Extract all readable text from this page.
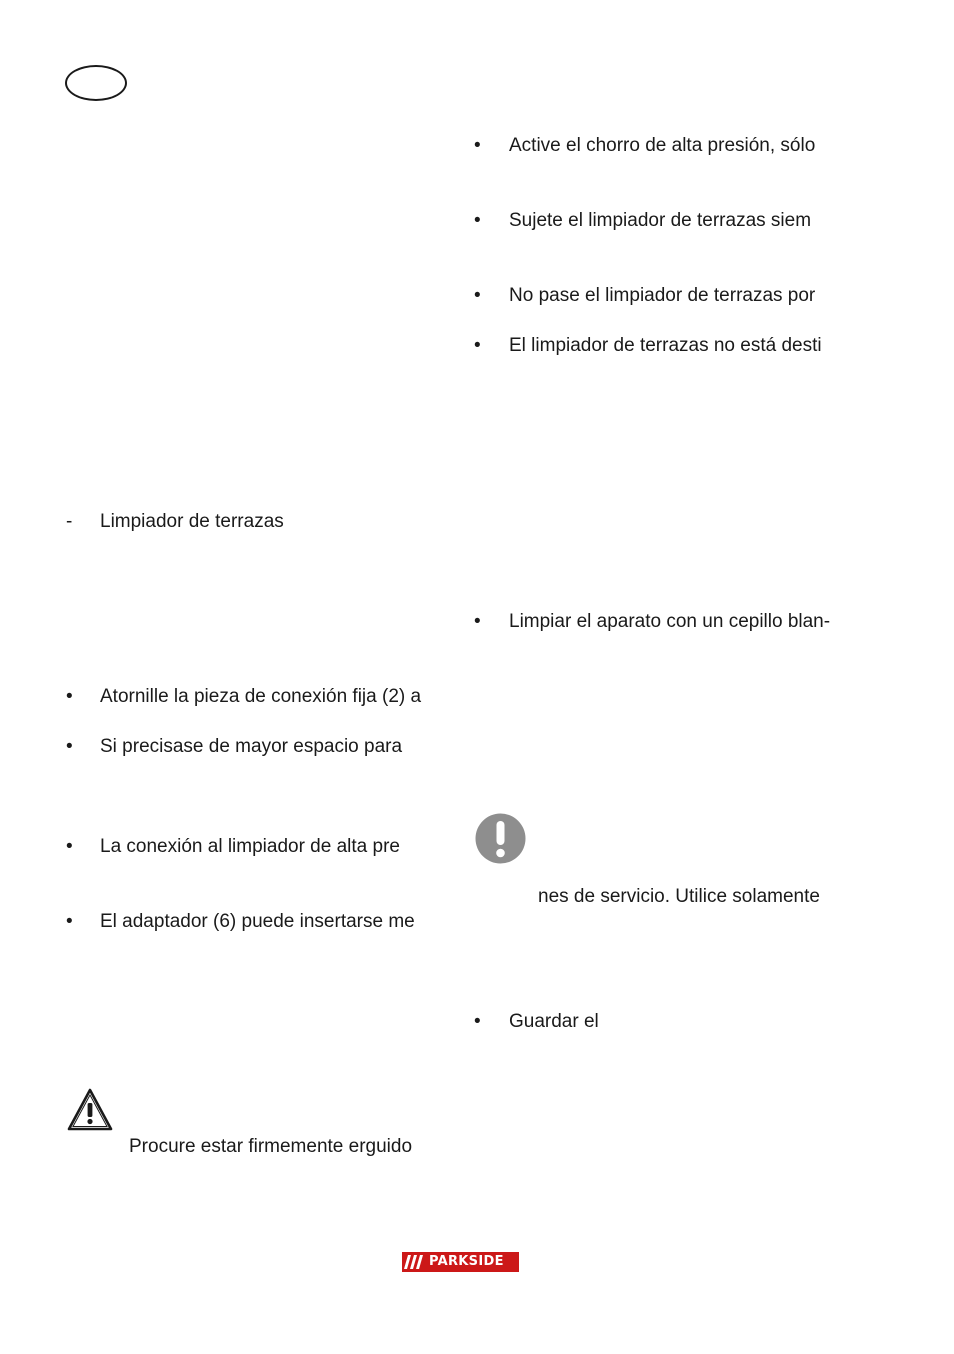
• Active el chorro de alta presión, sólo
• Sujete el limpiador de terrazas siem
• No pase el limpiador de terrazas por
• El limpiador de terrazas no está desti
• Limpiar el aparato con un cepillo blan-
nes de servicio. Utilice solamente
• Guardar el
- Limpiador de terrazas
• Atornille la pieza de conexión fija (2) a
• Si precisase de mayor espacio para
• La conexión al limpiador de alta pre
• El adaptador (6) puede insertarse me
Procure estar firmemente erguido
PARKSIDE
